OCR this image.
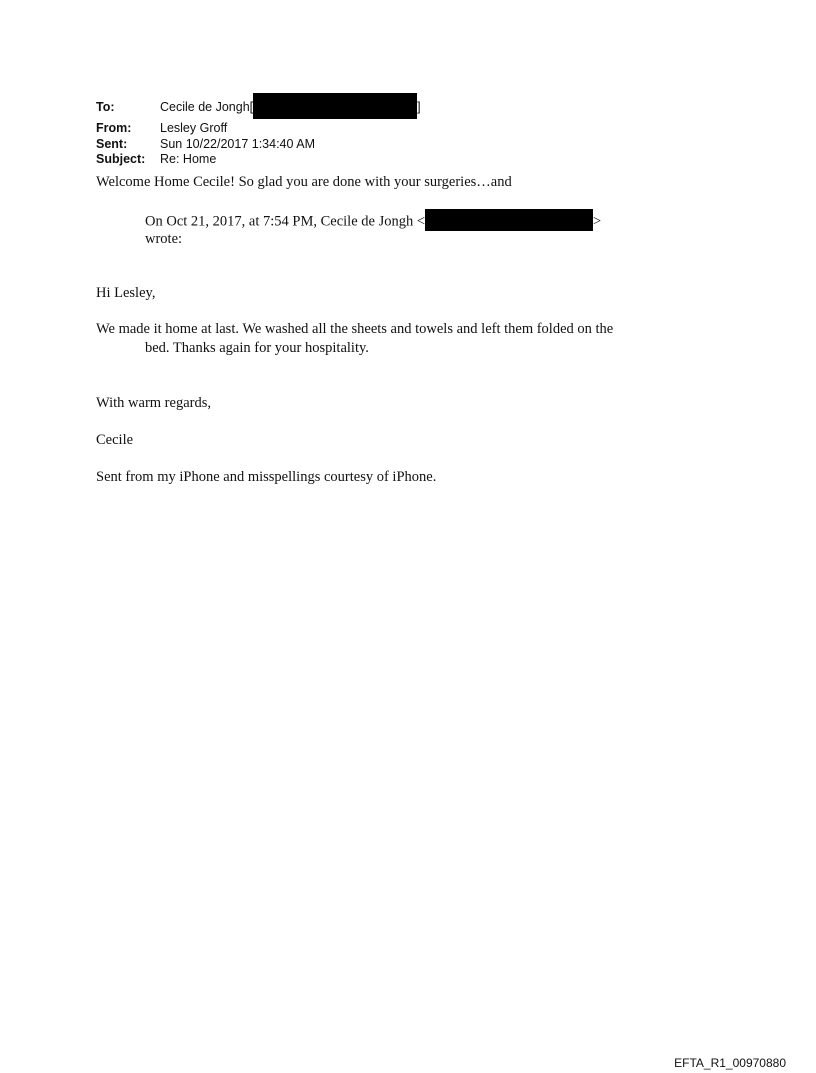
To:	Cecile de Jongh[	]
From:	Lesley Groff
Sent:	Sun 10/22/2017 1:34:40 AM
Subject:	Re: Home
Welcome Home Cecile! So glad you are done with your surgeries…and
On Oct 21, 2017, at 7:54 PM, Cecile de Jongh <	>
wrote:
Hi Lesley,
We made it home at last. We washed all the sheets and towels and left them folded on the
bed. Thanks again for your hospitality.
With warm regards,
Cecile
Sent from my iPhone and misspellings courtesy of iPhone.
EFTA_R1_00970880
